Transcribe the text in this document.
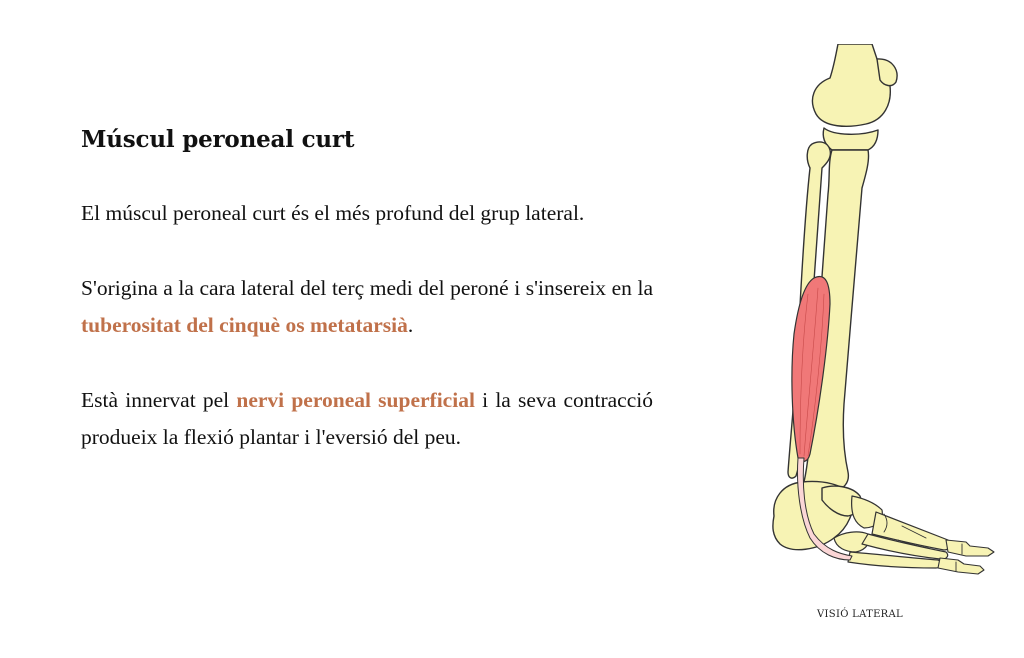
Múscul peroneal curt

El múscul peroneal curt és el més profund del grup lateral.

S'origina a la cara lateral del terç medi del peroné i s'insereix en la tuberositat del cinquè os metatarsià.

Està innervat pel nervi peroneal superficial i la seva contracció produeix la flexió plantar i l'eversió del peu.

VISIÓ LATERAL
